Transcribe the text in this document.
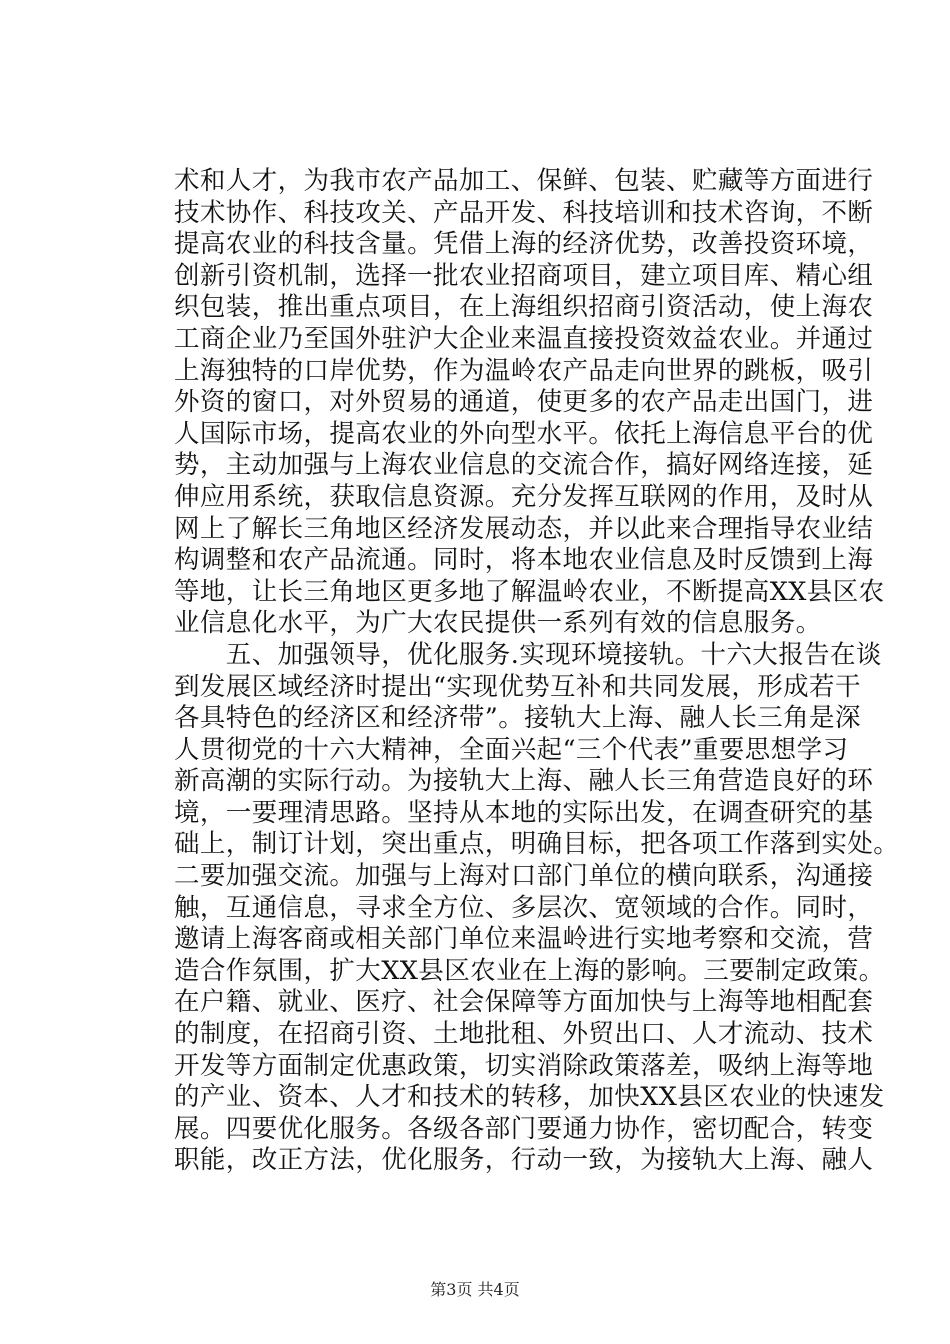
术和人才，为我市农产品加工、保鲜、包装、贮藏等方面进行
技术协作、科技攻关、产品开发、科技培训和技术咨询，不断
提高农业的科技含量。凭借上海的经济优势，改善投资环境，
创新引资机制，选择一批农业招商项目，建立项目库、精心组
织包装，推出重点项目，在上海组织招商引资活动，使上海农
工商企业乃至国外驻沪大企业来温直接投资效益农业。并通过
上海独特的口岸优势，作为温岭农产品走向世界的跳板，吸引
外资的窗口，对外贸易的通道，使更多的农产品走出国门，进
人国际市场，提高农业的外向型水平。依托上海信息平台的优
势，主动加强与上海农业信息的交流合作，搞好网络连接，延
伸应用系统，获取信息资源。充分发挥互联网的作用，及时从
网上了解长三角地区经济发展动态，并以此来合理指导农业结
构调整和农产品流通。同时，将本地农业信息及时反馈到上海
等地，让长三角地区更多地了解温岭农业，不断提高XX县区农
业信息化水平，为广大农民提供一系列有效的信息服务。
　　五、加强领导，优化服务.实现环境接轨。十六大报告在谈
到发展区域经济时提出“实现优势互补和共同发展，形成若干
各具特色的经济区和经济带”。接轨大上海、融人长三角是深
人贯彻党的十六大精神，全面兴起“三个代表”重要思想学习
新高潮的实际行动。为接轨大上海、融人长三角营造良好的环
境，一要理清思路。坚持从本地的实际出发，在调查研究的基
础上，制订计划，突出重点，明确目标，把各项工作落到实处。
二要加强交流。加强与上海对口部门单位的横向联系，沟通接
触，互通信息，寻求全方位、多层次、宽领域的合作。同时，
邀请上海客商或相关部门单位来温岭进行实地考察和交流，营
造合作氛围，扩大XX县区农业在上海的影响。三要制定政策。
在户籍、就业、医疗、社会保障等方面加快与上海等地相配套
的制度，在招商引资、土地批租、外贸出口、人才流动、技术
开发等方面制定优惠政策，切实消除政策落差，吸纳上海等地
的产业、资本、人才和技术的转移，加快XX县区农业的快速发
展。四要优化服务。各级各部门要通力协作，密切配合，转变
职能，改正方法，优化服务，行动一致，为接轨大上海、融人
第3页 共4页
